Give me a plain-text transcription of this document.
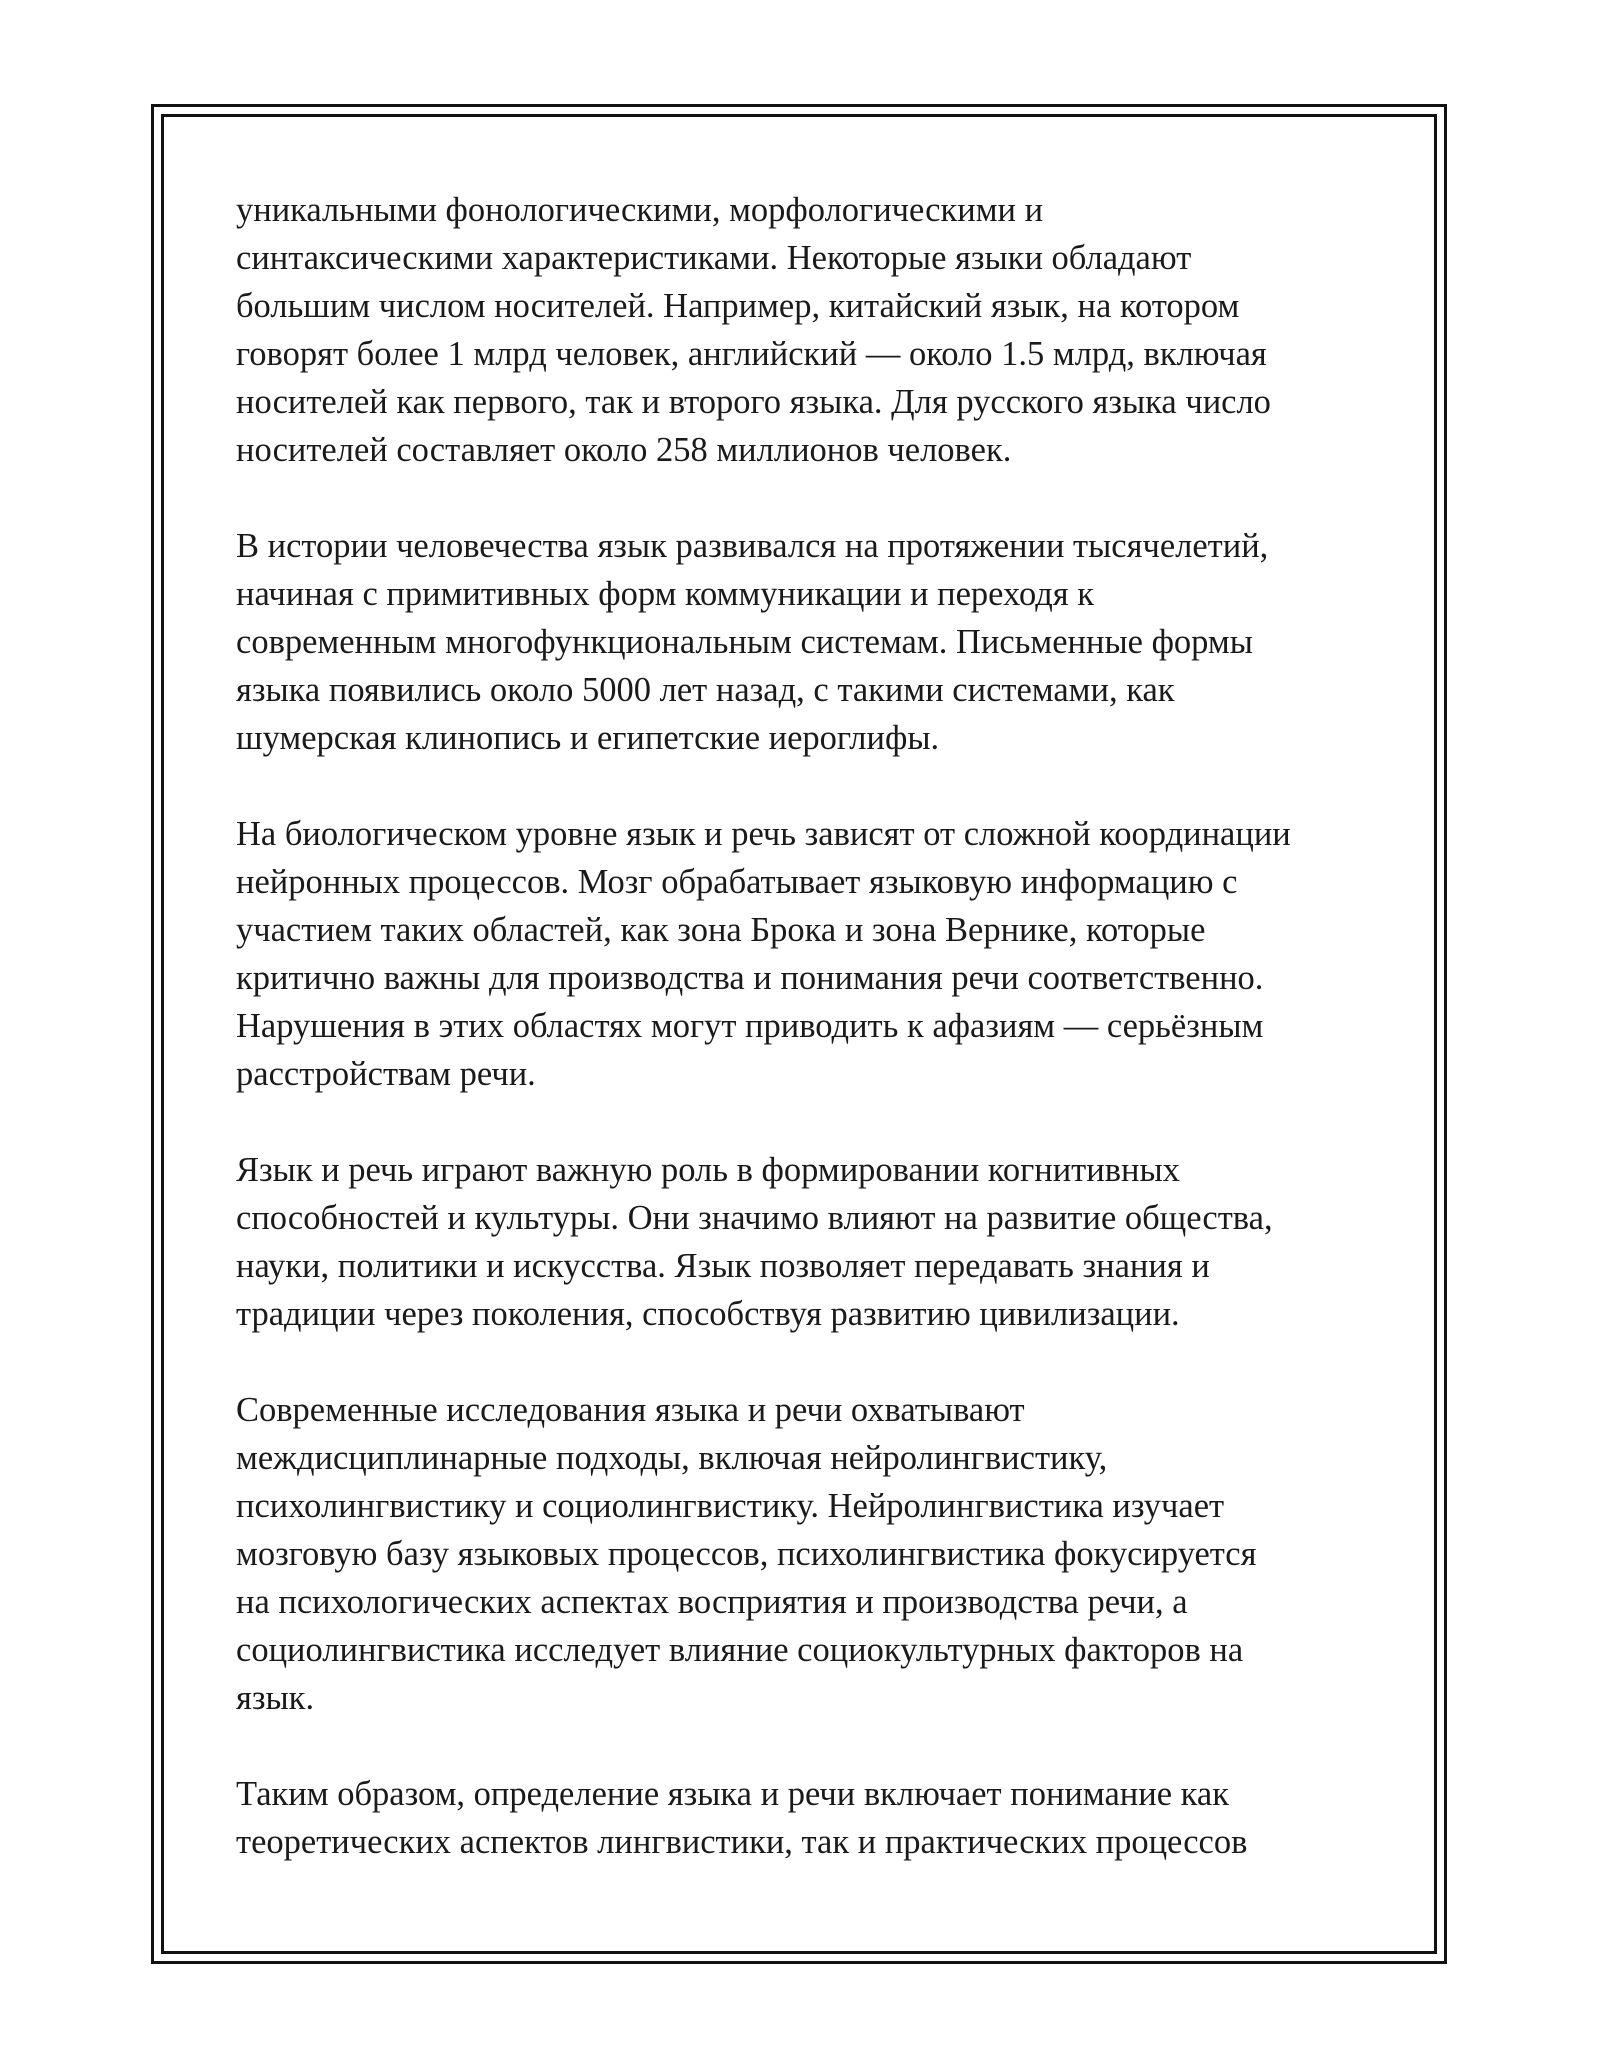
уникальными фонологическими, морфологическими и
синтаксическими характеристиками. Некоторые языки обладают
большим числом носителей. Например, китайский язык, на котором
говорят более 1 млрд человек, английский — около 1.5 млрд, включая
носителей как первого, так и второго языка. Для русского языка число
носителей составляет около 258 миллионов человек.

В истории человечества язык развивался на протяжении тысячелетий,
начиная с примитивных форм коммуникации и переходя к
современным многофункциональным системам. Письменные формы
языка появились около 5000 лет назад, с такими системами, как
шумерская клинопись и египетские иероглифы.

На биологическом уровне язык и речь зависят от сложной координации
нейронных процессов. Мозг обрабатывает языковую информацию с
участием таких областей, как зона Брока и зона Вернике, которые
критично важны для производства и понимания речи соответственно.
Нарушения в этих областях могут приводить к афазиям — серьёзным
расстройствам речи.

Язык и речь играют важную роль в формировании когнитивных
способностей и культуры. Они значимо влияют на развитие общества,
науки, политики и искусства. Язык позволяет передавать знания и
традиции через поколения, способствуя развитию цивилизации.

Современные исследования языка и речи охватывают
междисциплинарные подходы, включая нейролингвистику,
психолингвистику и социолингвистику. Нейролингвистика изучает
мозговую базу языковых процессов, психолингвистика фокусируется
на психологических аспектах восприятия и производства речи, а
социолингвистика исследует влияние социокультурных факторов на
язык.

Таким образом, определение языка и речи включает понимание как
теоретических аспектов лингвистики, так и практических процессов
